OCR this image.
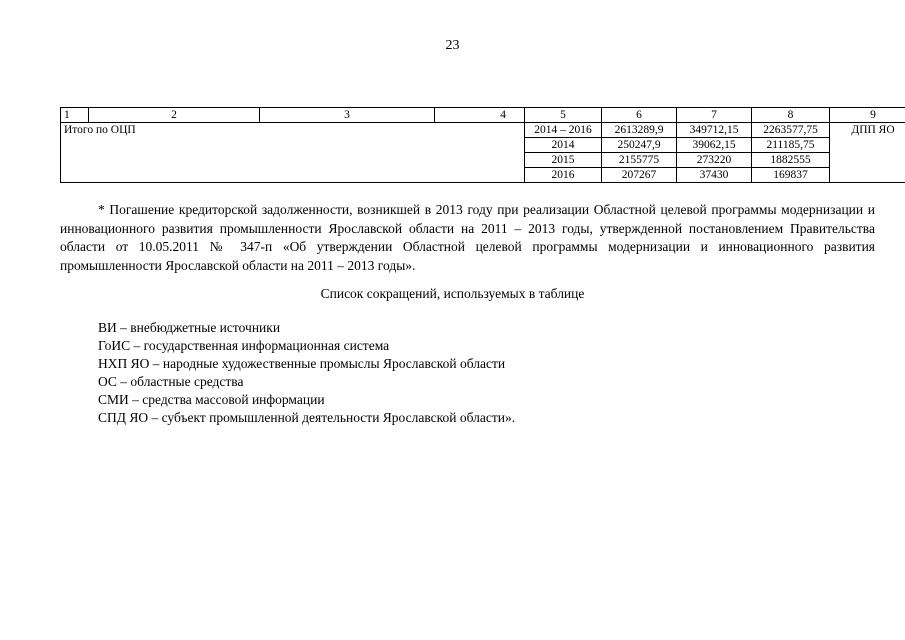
23
1	2	3	4	5	6	7	8	9
Итого по ОЦП				2014 – 2016	2613289,9	349712,15	2263577,75	ДПП ЯО
				2014	250247,9	39062,15	211185,75	
				2015	2155775	273220	1882555	
				2016	207267	37430	169837	

* Погашение кредиторской задолженности, возникшей в 2013 году при реализации Областной целевой программы модернизации и инновационного развития промышленности Ярославской области на 2011 – 2013 годы, утвержденной постановлением Правительства области от 10.05.2011 № 347-п «Об утверждении Областной целевой программы модернизации и инновационного развития промышленности Ярославской области на 2011 – 2013 годы».

Список сокращений, используемых в таблице
ВИ – внебюджетные источники
ГоИС – государственная информационная система
НХП ЯО – народные художественные промыслы Ярославской области
ОС – областные средства
СМИ – средства массовой информации
СПД ЯО – субъект промышленной деятельности Ярославской области».
